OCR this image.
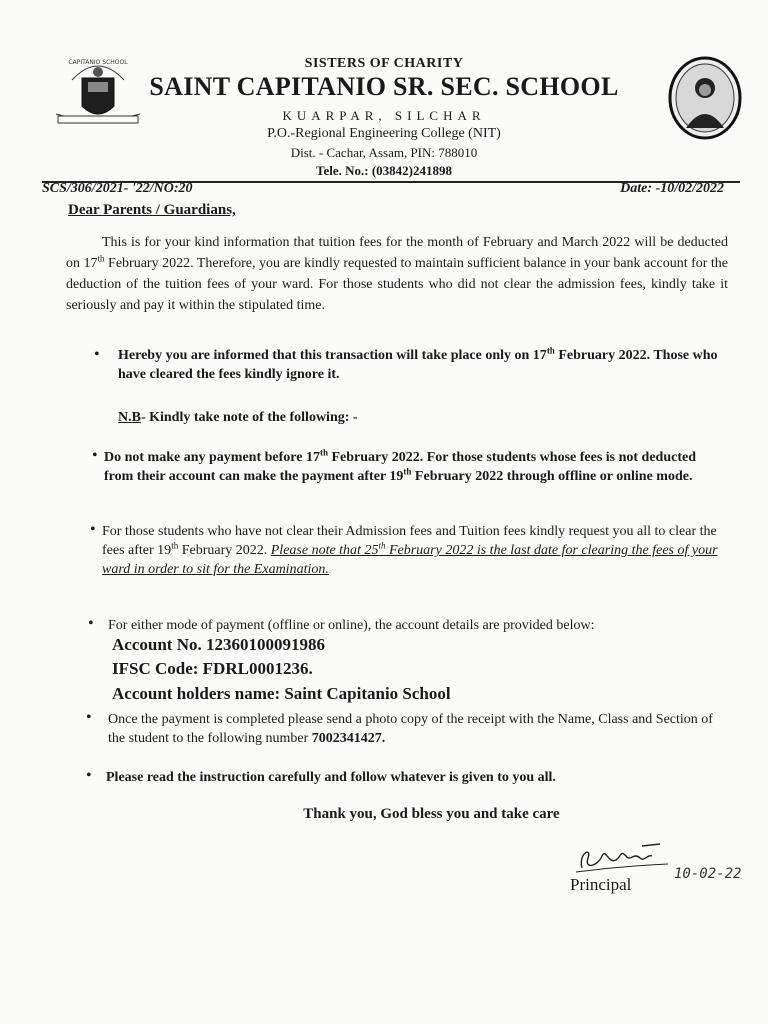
CAPITANIO SCHOOL	SISTERS OF CHARITY
SAINT CAPITANIO SR. SEC. SCHOOL
KUARPAR, SILCHAR
P.O.-Regional Engineering College (NIT)
Dist. - Cachar, Assam, PIN: 788010
Tele. No.: (03842)241898
SCS/306/2021- '22/NO:20	Date: -10/02/2022
Dear Parents / Guardians,
This is for your kind information that tuition fees for the month of February and March 2022 will be deducted on 17th February 2022. Therefore, you are kindly requested to maintain sufficient balance in your bank account for the deduction of the tuition fees of your ward. For those students who did not clear the admission fees, kindly take it seriously and pay it within the stipulated time.
• Hereby you are informed that this transaction will take place only on 17th February 2022. Those who have cleared the fees kindly ignore it.
N.B- Kindly take note of the following: -
• Do not make any payment before 17th February 2022. For those students whose fees is not deducted from their account can make the payment after 19th February 2022 through offline or online mode.
• For those students who have not clear their Admission fees and Tuition fees kindly request you all to clear the fees after 19th February 2022. Please note that 25th February 2022 is the last date for clearing the fees of your ward in order to sit for the Examination.
• For either mode of payment (offline or online), the account details are provided below:
Account No. 12360100091986
IFSC Code: FDRL0001236.
Account holders name: Saint Capitanio School
• Once the payment is completed please send a photo copy of the receipt with the Name, Class and Section of the student to the following number 7002341427.
• Please read the instruction carefully and follow whatever is given to you all.
Thank you, God bless you and take care
Principal
10-02-22
